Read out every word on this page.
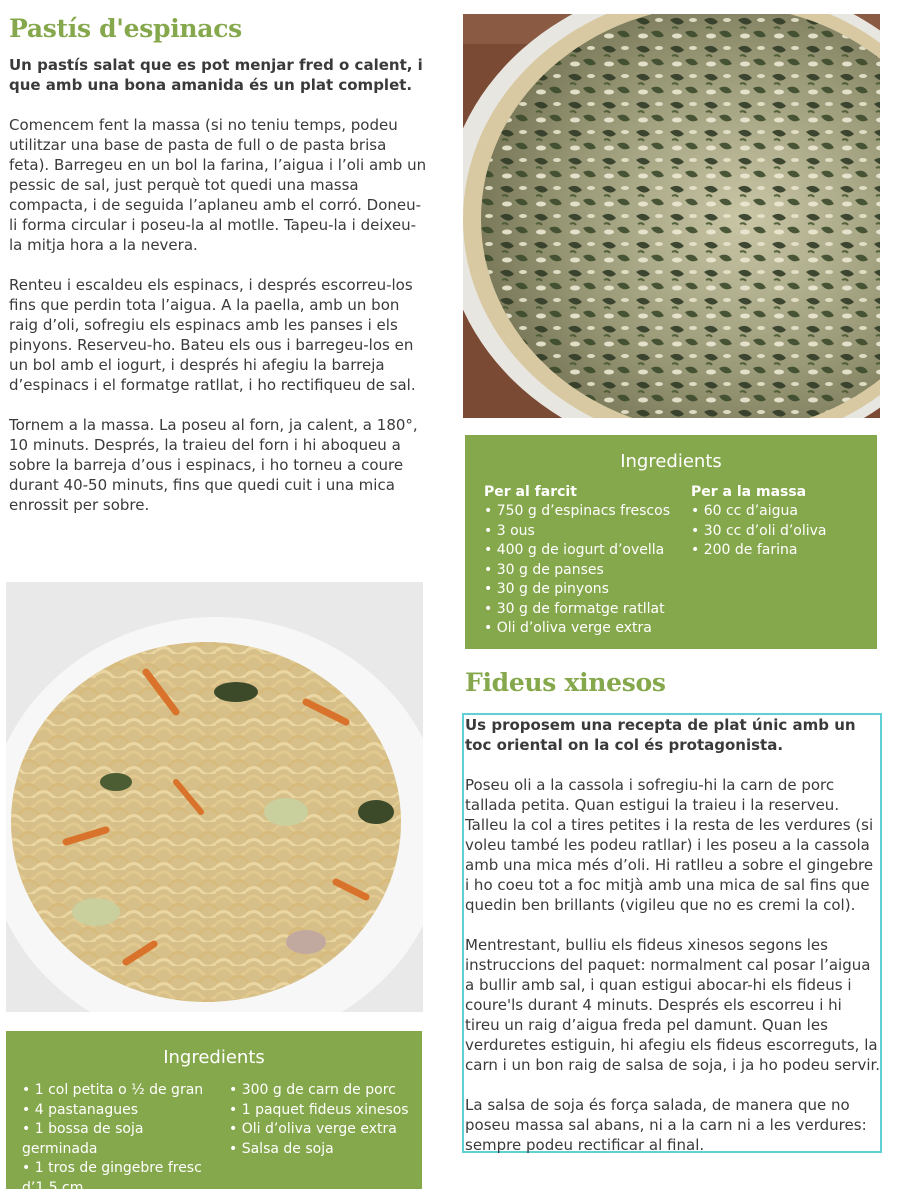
Pastís d'espinacs

Un pastís salat que es pot menjar fred o calent, i que amb una bona amanida és un plat complet.

Comencem fent la massa (si no teniu temps, podeu utilitzar una base de pasta de full o de pasta brisa feta). Barregeu en un bol la farina, l’aigua i l’oli amb un pessic de sal, just perquè tot quedi una massa compacta, i de seguida l’aplaneu amb el corró. Doneu-li forma circular i poseu-la al motlle. Tapeu-la i deixeu-la mitja hora a la nevera.

Renteu i escaldeu els espinacs, i després escorreu-los fins que perdin tota l’aigua. A la paella, amb un bon raig d’oli, sofregiu els espinacs amb les panses i els pinyons. Reserveu-ho. Bateu els ous i barregeu-los en un bol amb el iogurt, i després hi afegiu la barreja d’espinacs i el formatge ratllat, i ho rectifiqueu de sal.

Tornem a la massa. La poseu al forn, ja calent, a 180°, 10 minuts. Després, la traieu del forn i hi aboqueu a sobre la barreja d’ous i espinacs, i ho torneu a coure durant 40-50 minuts, fins que quedi cuit i una mica enrossit per sobre.

Ingredients
Per al farcit
• 750 g d’espinacs frescos
• 3 ous
• 400 g de iogurt d’ovella
• 30 g de panses
• 30 g de pinyons
• 30 g de formatge ratllat
• Oli d’oliva verge extra
Per a la massa
• 60 cc d’aigua
• 30 cc d’oli d’oliva
• 200 de farina
Ingredients
• 1 col petita o ½ de gran
• 4 pastanagues
• 1 bossa de soja germinada
• 1 tros de gingebre fresc d’1,5 cm
• 300 g de carn de porc
• 1 paquet fideus xinesos
• Oli d’oliva verge extra
• Salsa de soja
Fideus xinesos

Us proposem una recepta de plat únic amb un toc oriental on la col és protagonista.

Poseu oli a la cassola i sofregiu-hi la carn de porc tallada petita. Quan estigui la traieu i la reserveu. Talleu la col a tires petites i la resta de les verdures (si voleu també les podeu ratllar) i les poseu a la cassola amb una mica més d’oli. Hi ratlleu a sobre el gingebre i ho coeu tot a foc mitjà amb una mica de sal fins que quedin ben brillants (vigileu que no es cremi la col).

Mentrestant, bulliu els fideus xinesos segons les instruccions del paquet: normalment cal posar l’aigua a bullir amb sal, i quan estigui abocar-hi els fideus i coure'ls durant 4 minuts. Després els escorreu i hi tireu un raig d’aigua freda pel damunt. Quan les verduretes estiguin, hi afegiu els fideus escorreguts, la carn i un bon raig de salsa de soja, i ja ho podeu servir.

La salsa de soja és força salada, de manera que no poseu massa sal abans, ni a la carn ni a les verdures: sempre podeu rectificar al final.
